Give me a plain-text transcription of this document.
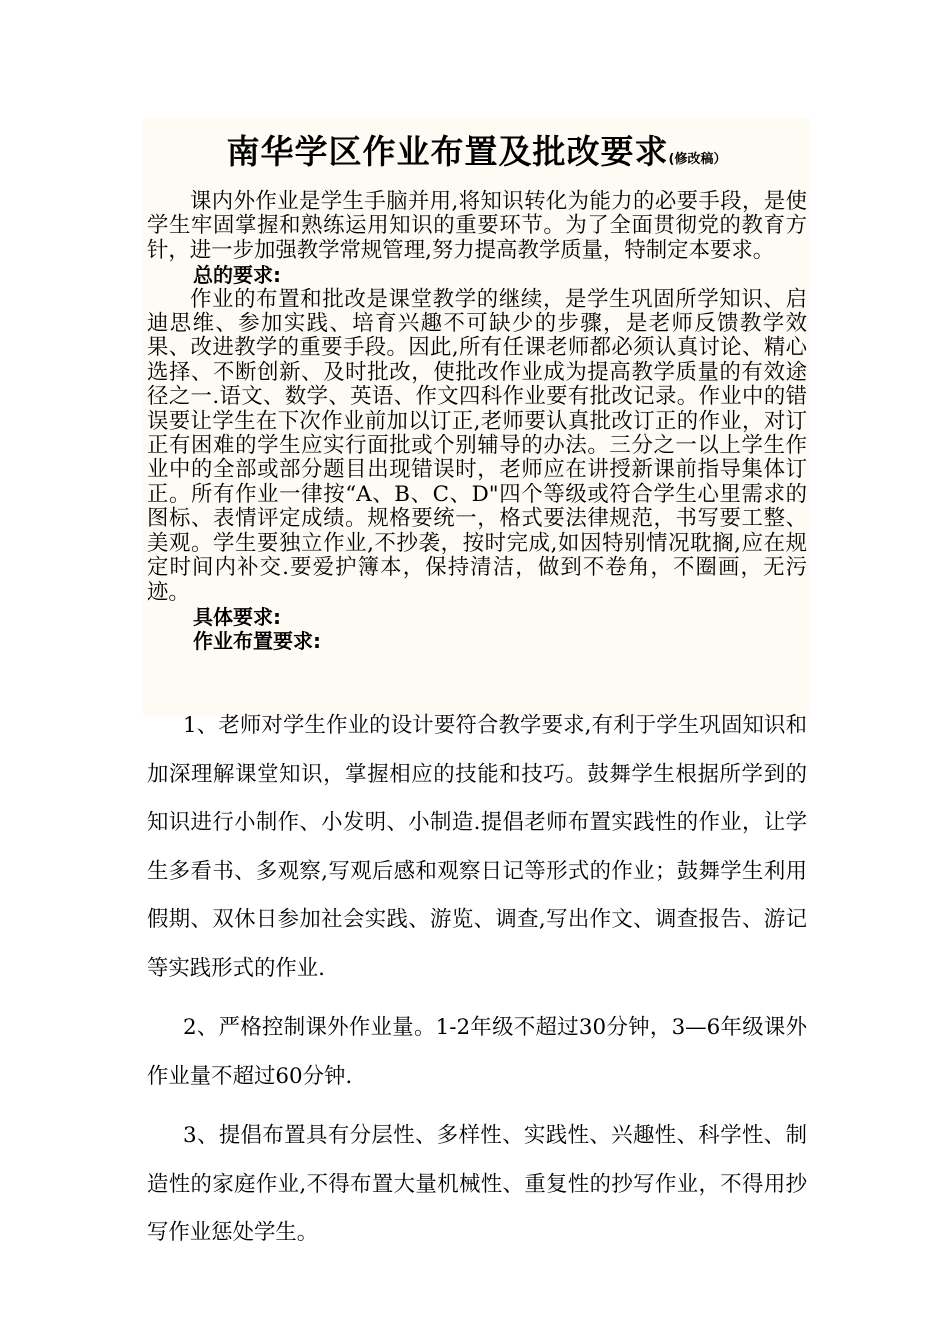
南华学区作业布置及批改要求(修改稿）

课内外作业是学生手脑并用,将知识转化为能力的必要手段，是使学生牢固掌握和熟练运用知识的重要环节。为了全面贯彻党的教育方针，进一步加强教学常规管理,努力提高教学质量，特制定本要求。

总的要求:

作业的布置和批改是课堂教学的继续，是学生巩固所学知识、启迪思维、参加实践、培育兴趣不可缺少的步骤，是老师反馈教学效果、改进教学的重要手段。因此,所有任课老师都必须认真讨论、精心选择、不断创新、及时批改，使批改作业成为提高教学质量的有效途径之一.语文、数学、英语、作文四科作业要有批改记录。作业中的错误要让学生在下次作业前加以订正,老师要认真批改订正的作业，对订正有困难的学生应实行面批或个别辅导的办法。三分之一以上学生作业中的全部或部分题目出现错误时，老师应在讲授新课前指导集体订正。所有作业一律按“A、B、C、D"四个等级或符合学生心里需求的图标、表情评定成绩。规格要统一，格式要法律规范，书写要工整、美观。学生要独立作业,不抄袭，按时完成,如因特别情况耽搁,应在规定时间内补交.要爱护簿本，保持清洁，做到不卷角，不圈画，无污迹。

具体要求:

作业布置要求:

1、老师对学生作业的设计要符合教学要求,有利于学生巩固知识和加深理解课堂知识，掌握相应的技能和技巧。鼓舞学生根据所学到的知识进行小制作、小发明、小制造.提倡老师布置实践性的作业，让学生多看书、多观察,写观后感和观察日记等形式的作业；鼓舞学生利用假期、双休日参加社会实践、游览、调查,写出作文、调查报告、游记等实践形式的作业.

2、严格控制课外作业量。1-2年级不超过30分钟，3—6年级课外作业量不超过60分钟.

3、提倡布置具有分层性、多样性、实践性、兴趣性、科学性、制造性的家庭作业,不得布置大量机械性、重复性的抄写作业，不得用抄写作业惩处学生。
